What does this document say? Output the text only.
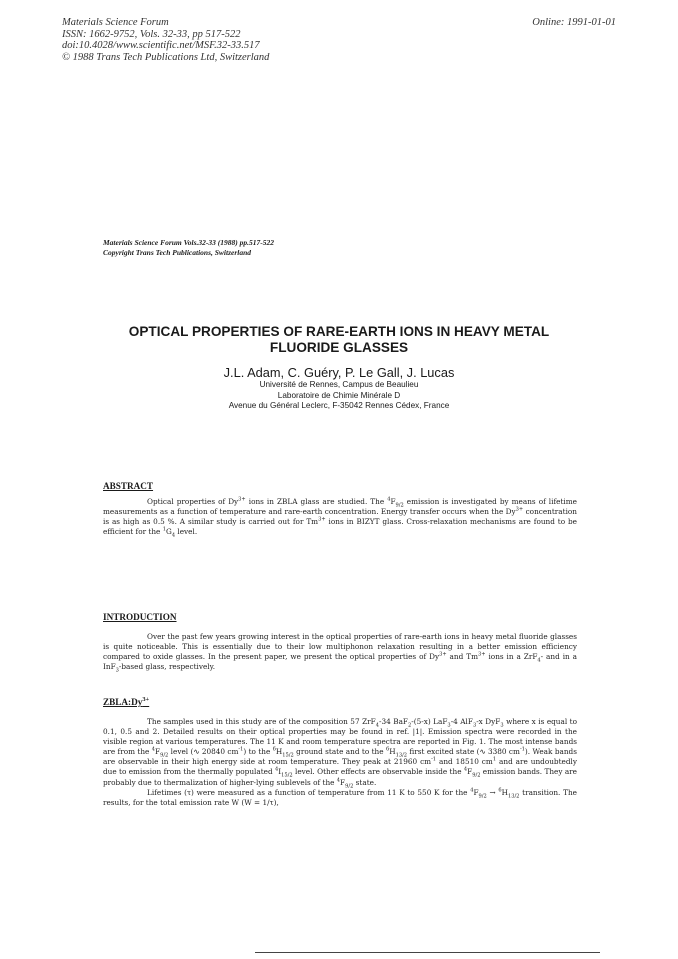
Materials Science Forum
ISSN: 1662-9752, Vols. 32-33, pp 517-522
doi:10.4028/www.scientific.net/MSF.32-33.517
© 1988 Trans Tech Publications Ltd, Switzerland
Online: 1991-01-01
Materials Science Forum Vols.32-33 (1988) pp.517-522
Copyright Trans Tech Publications, Switzerland
OPTICAL PROPERTIES OF RARE-EARTH IONS IN HEAVY METAL
FLUORIDE GLASSES
J.L. Adam, C. Guéry, P. Le Gall, J. Lucas
Université de Rennes, Campus de Beaulieu
Laboratoire de Chimie Minérale D
Avenue du Général Leclerc, F-35042 Rennes Cédex, France
ABSTRACT

Optical properties of $Dy^{3+}$ ions in ZBLA glass are studied. The $^4F_{9/2}$ emission is investigated by means of lifetime measurements as a function of temperature and rare-earth concentration. Energy transfer occurs when the $Dy^{3+}$ concentration is as high as 0.5 %. A similar study is carried out for $Tm^{3+}$ ions in BIZYT glass. Cross-relaxation mechanisms are found to be efficient for the $^1G_4$ level.

INTRODUCTION

Over the past few years growing interest in the optical properties of rare-earth ions in heavy metal fluoride glasses is quite noticeable. This is essentially due to their low multiphonon relaxation resulting in a better emission efficiency compared to oxide glasses. In the present paper, we present the optical properties of $Dy^{3+}$ and $Tm^{3+}$ ions in a ZrF$_4$- and in a InF$_3$-based glass, respectively.

$ZBLA:Dy^{3+}$

The samples used in this study are of the composition 57 ZrF$_4$-34 BaF$_2$-(5-x) LaF$_3$-4 AlF$_3$-x DyF$_3$ where x is equal to 0.1, 0.5 and 2. Detailed results on their optical properties may be found in ref. |1|. Emission spectra were recorded in the visible region at various temperatures. The 11 K and room temperature spectra are reported in Fig. 1. The most intense bands are from the $^4F_{9/2}$ level (∿ 20840 $cm^{-1}$) to the $^6H_{15/2}$ ground state and to the $^6H_{13/2}$ first excited state (∿ 3380 $cm^{-1}$). Weak bands are observable in their high energy side at room temperature. They peak at 21960 $cm^{-1}$ and 18510 $cm^1$ and are undoubtedly due to emission from the thermally populated $^4I_{15/2}$ level. Other effects are observable inside the $^4F_{9/2}$ emission bands. They are probably due to thermalization of higher-lying sublevels of the $^4F_{9/2}$ state.

Lifetimes (τ) were measured as a function of temperature from 11 K to 550 K for the $^4F_{9/2} \to ^6H_{13/2}$ transition. The results, for the total emission rate W (W = 1/τ),
